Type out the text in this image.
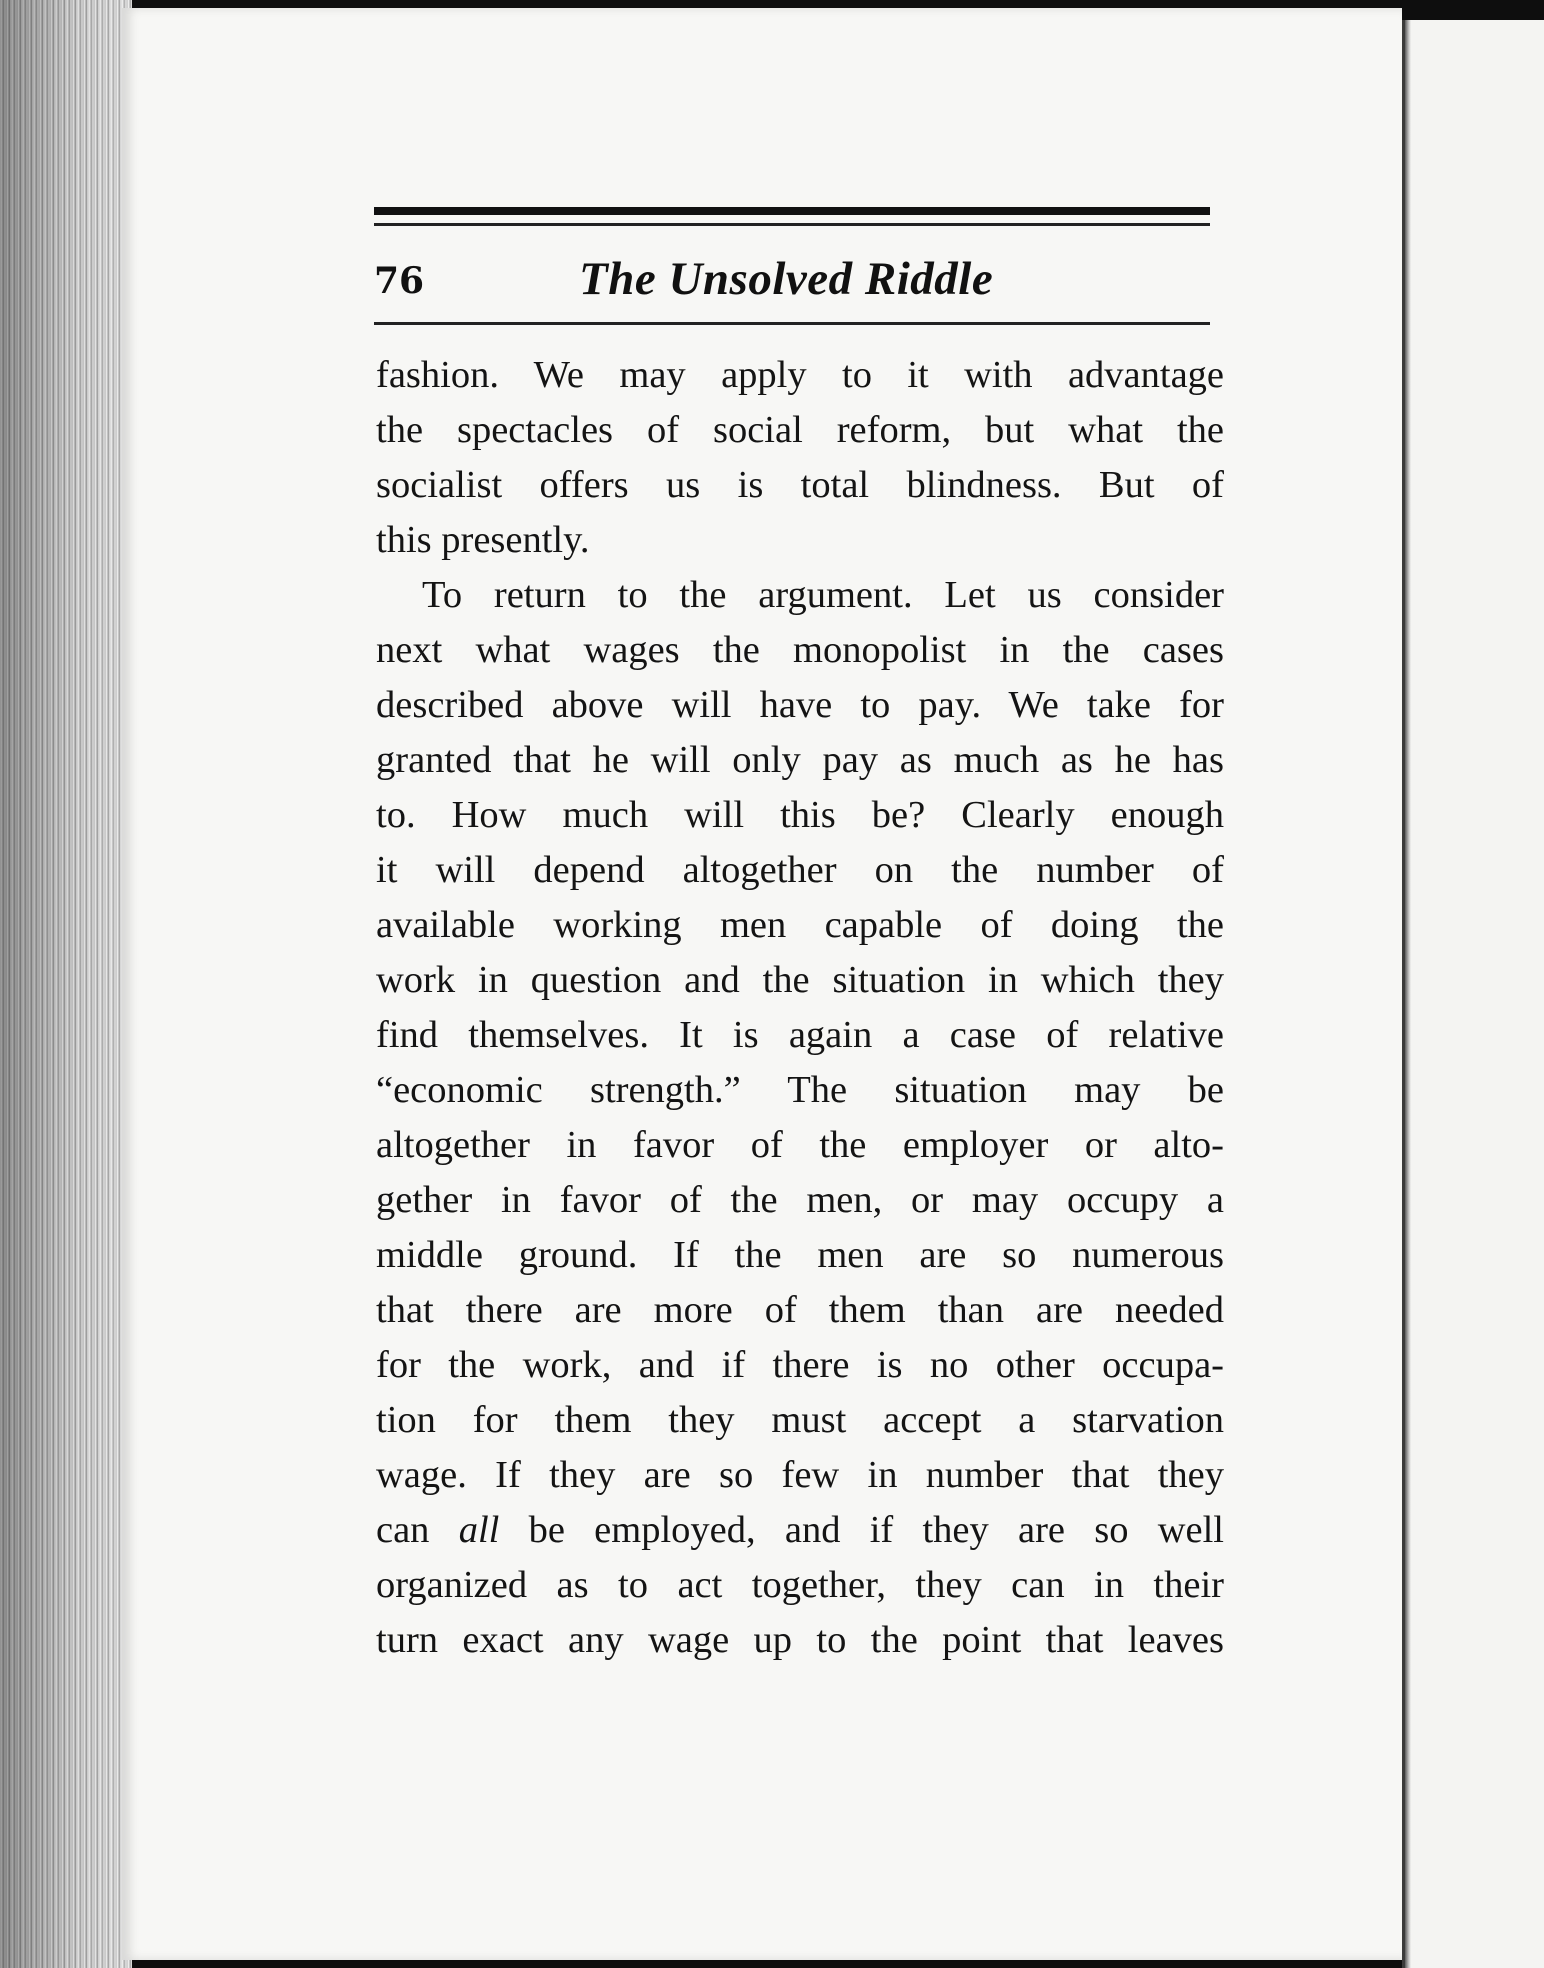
76	The Unsolved Riddle
fashion. We may apply to it with advantage
the spectacles of social reform, but what the
socialist offers us is total blindness. But of
this presently.
To return to the argument. Let us consider
next what wages the monopolist in the cases
described above will have to pay. We take for
granted that he will only pay as much as he has
to. How much will this be? Clearly enough
it will depend altogether on the number of
available working men capable of doing the
work in question and the situation in which they
find themselves. It is again a case of relative
“economic strength.” The situation may be
altogether in favor of the employer or alto-
gether in favor of the men, or may occupy a
middle ground. If the men are so numerous
that there are more of them than are needed
for the work, and if there is no other occupa-
tion for them they must accept a starvation
wage. If they are so few in number that they
can all be employed, and if they are so well
organized as to act together, they can in their
turn exact any wage up to the point that leaves
